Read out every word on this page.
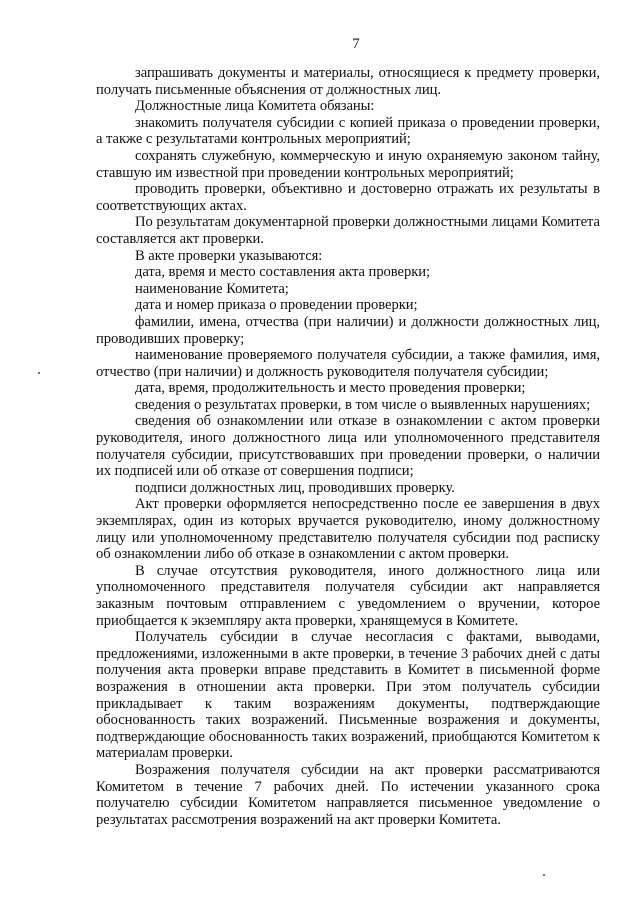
7

запрашивать документы и материалы, относящиеся к предмету проверки, получать письменные объяснения от должностных лиц.

Должностные лица Комитета обязаны:

знакомить получателя субсидии с копией приказа о проведении проверки, а также с результатами контрольных мероприятий;

сохранять служебную, коммерческую и иную охраняемую законом тайну, ставшую им известной при проведении контрольных мероприятий;

проводить проверки, объективно и достоверно отражать их результаты в соответствующих актах.

По результатам документарной проверки должностными лицами Комитета составляется акт проверки.

В акте проверки указываются:

дата, время и место составления акта проверки;

наименование Комитета;

дата и номер приказа о проведении проверки;

фамилии, имена, отчества (при наличии) и должности должностных лиц, проводивших проверку;

наименование проверяемого получателя субсидии, а также фамилия, имя, отчество (при наличии) и должность руководителя получателя субсидии;

дата, время, продолжительность и место проведения проверки;

сведения о результатах проверки, в том числе о выявленных нарушениях;

сведения об ознакомлении или отказе в ознакомлении с актом проверки руководителя, иного должностного лица или уполномоченного представителя получателя субсидии, присутствовавших при проведении проверки, о наличии их подписей или об отказе от совершения подписи;

подписи должностных лиц, проводивших проверку.

Акт проверки оформляется непосредственно после ее завершения в двух экземплярах, один из которых вручается руководителю, иному должностному лицу или уполномоченному представителю получателя субсидии под расписку об ознакомлении либо об отказе в ознакомлении с актом проверки.

В случае отсутствия руководителя, иного должностного лица или уполномоченного представителя получателя субсидии акт направляется заказным почтовым отправлением с уведомлением о вручении, которое приобщается к экземпляру акта проверки, хранящемуся в Комитете.

Получатель субсидии в случае несогласия с фактами, выводами, предложениями, изложенными в акте проверки, в течение 3 рабочих дней с даты получения акта проверки вправе представить в Комитет в письменной форме возражения в отношении акта проверки. При этом получатель субсидии прикладывает к таким возражениям документы, подтверждающие обоснованность таких возражений. Письменные возражения и документы, подтверждающие обоснованность таких возражений, приобщаются Комитетом к материалам проверки.

Возражения получателя субсидии на акт проверки рассматриваются Комитетом в течение 7 рабочих дней. По истечении указанного срока получателю субсидии Комитетом направляется письменное уведомление о результатах рассмотрения возражений на акт проверки Комитета.
